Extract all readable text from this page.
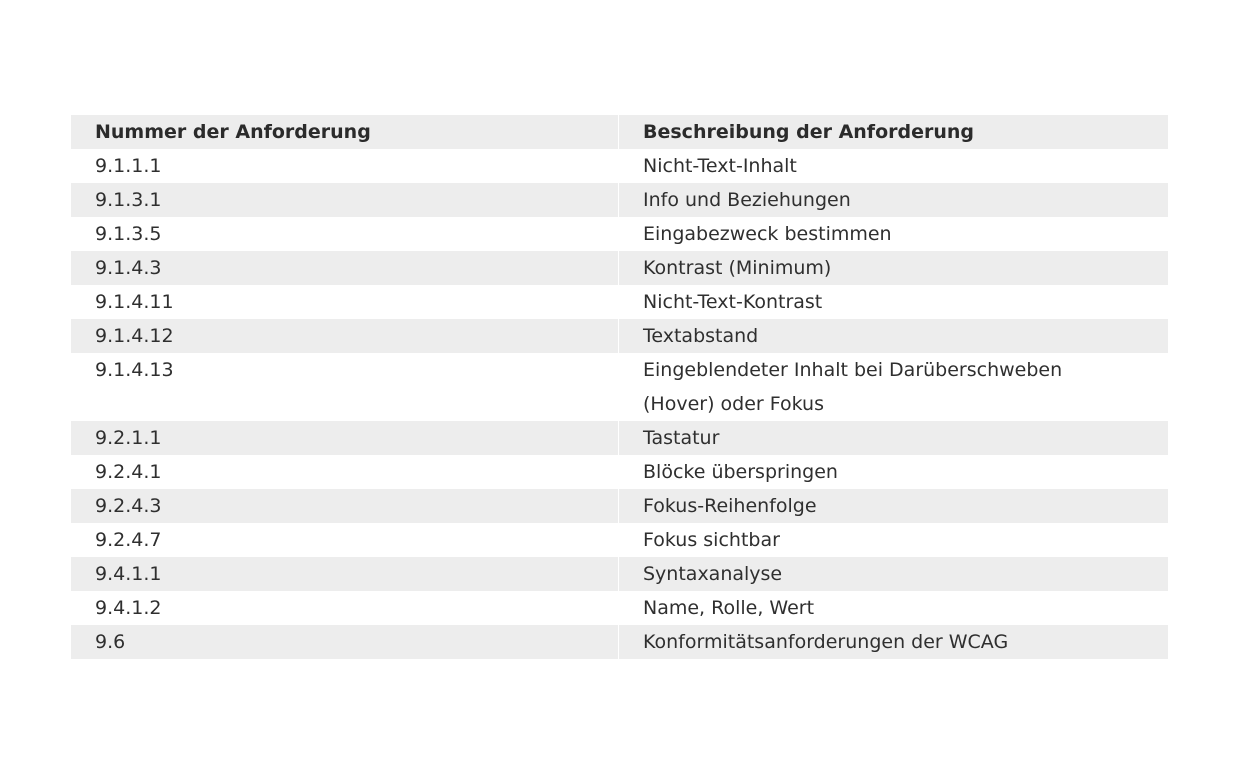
Nummer der Anforderung	Beschreibung der Anforderung
9.1.1.1	Nicht-Text-Inhalt
9.1.3.1	Info und Beziehungen
9.1.3.5	Eingabezweck bestimmen
9.1.4.3	Kontrast (Minimum)
9.1.4.11	Nicht-Text-Kontrast
9.1.4.12	Textabstand
9.1.4.13	Eingeblendeter Inhalt bei Darüberschweben
(Hover) oder Fokus

9.2.1.1	Tastatur
9.2.4.1	Blöcke überspringen
9.2.4.3	Fokus-Reihenfolge
9.2.4.7	Fokus sichtbar
9.4.1.1	Syntaxanalyse
9.4.1.2	Name, Rolle, Wert
9.6	Konformitätsanforderungen der WCAG
